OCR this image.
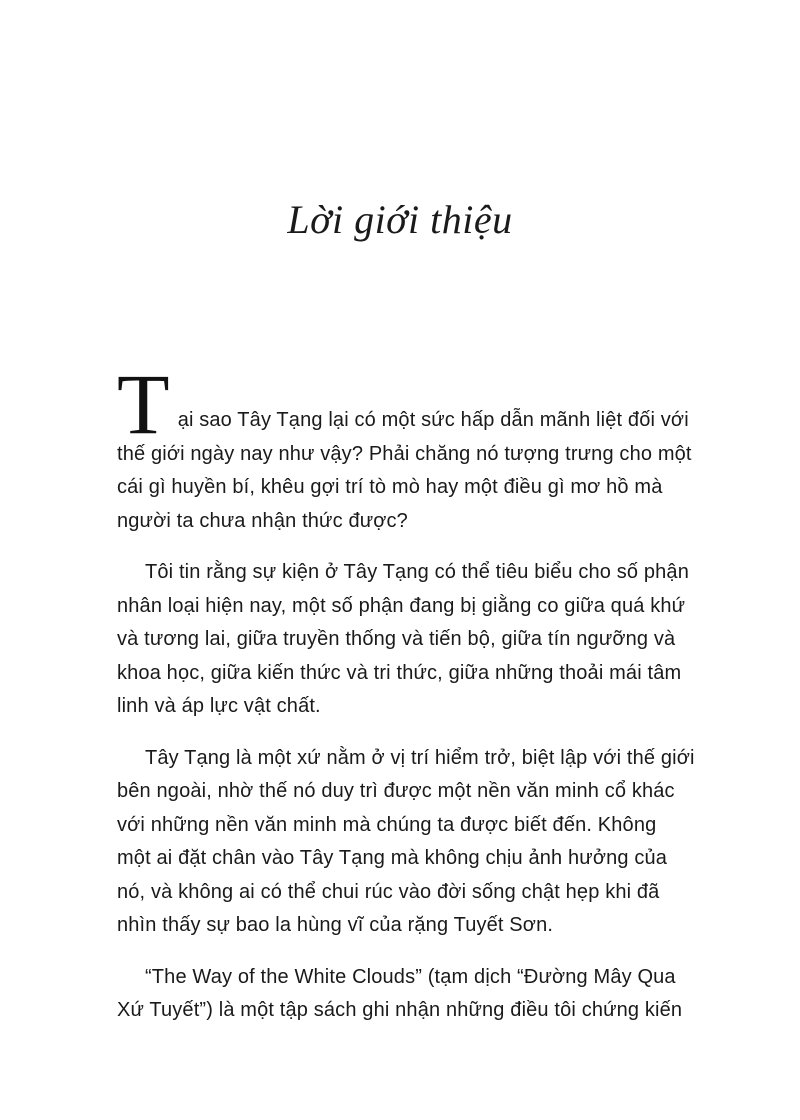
Lời giới thiệu

T ại sao Tây Tạng lại có một sức hấp dẫn mãnh liệt đối với thế giới ngày nay như vậy? Phải chăng nó tượng trưng cho một cái gì huyền bí, khêu gợi trí tò mò hay một điều gì mơ hồ mà người ta chưa nhận thức được?

Tôi tin rằng sự kiện ở Tây Tạng có thể tiêu biểu cho số phận nhân loại hiện nay, một số phận đang bị giằng co giữa quá khứ và tương lai, giữa truyền thống và tiến bộ, giữa tín ngưỡng và khoa học, giữa kiến thức và tri thức, giữa những thoải mái tâm linh và áp lực vật chất.

Tây Tạng là một xứ nằm ở vị trí hiểm trở, biệt lập với thế giới bên ngoài, nhờ thế nó duy trì được một nền văn minh cổ khác với những nền văn minh mà chúng ta được biết đến. Không một ai đặt chân vào Tây Tạng mà không chịu ảnh hưởng của nó, và không ai có thể chui rúc vào đời sống chật hẹp khi đã nhìn thấy sự bao la hùng vĩ của rặng Tuyết Sơn.

“The Way of the White Clouds” (tạm dịch “Đường Mây Qua Xứ Tuyết”) là một tập sách ghi nhận những điều tôi chứng kiến
